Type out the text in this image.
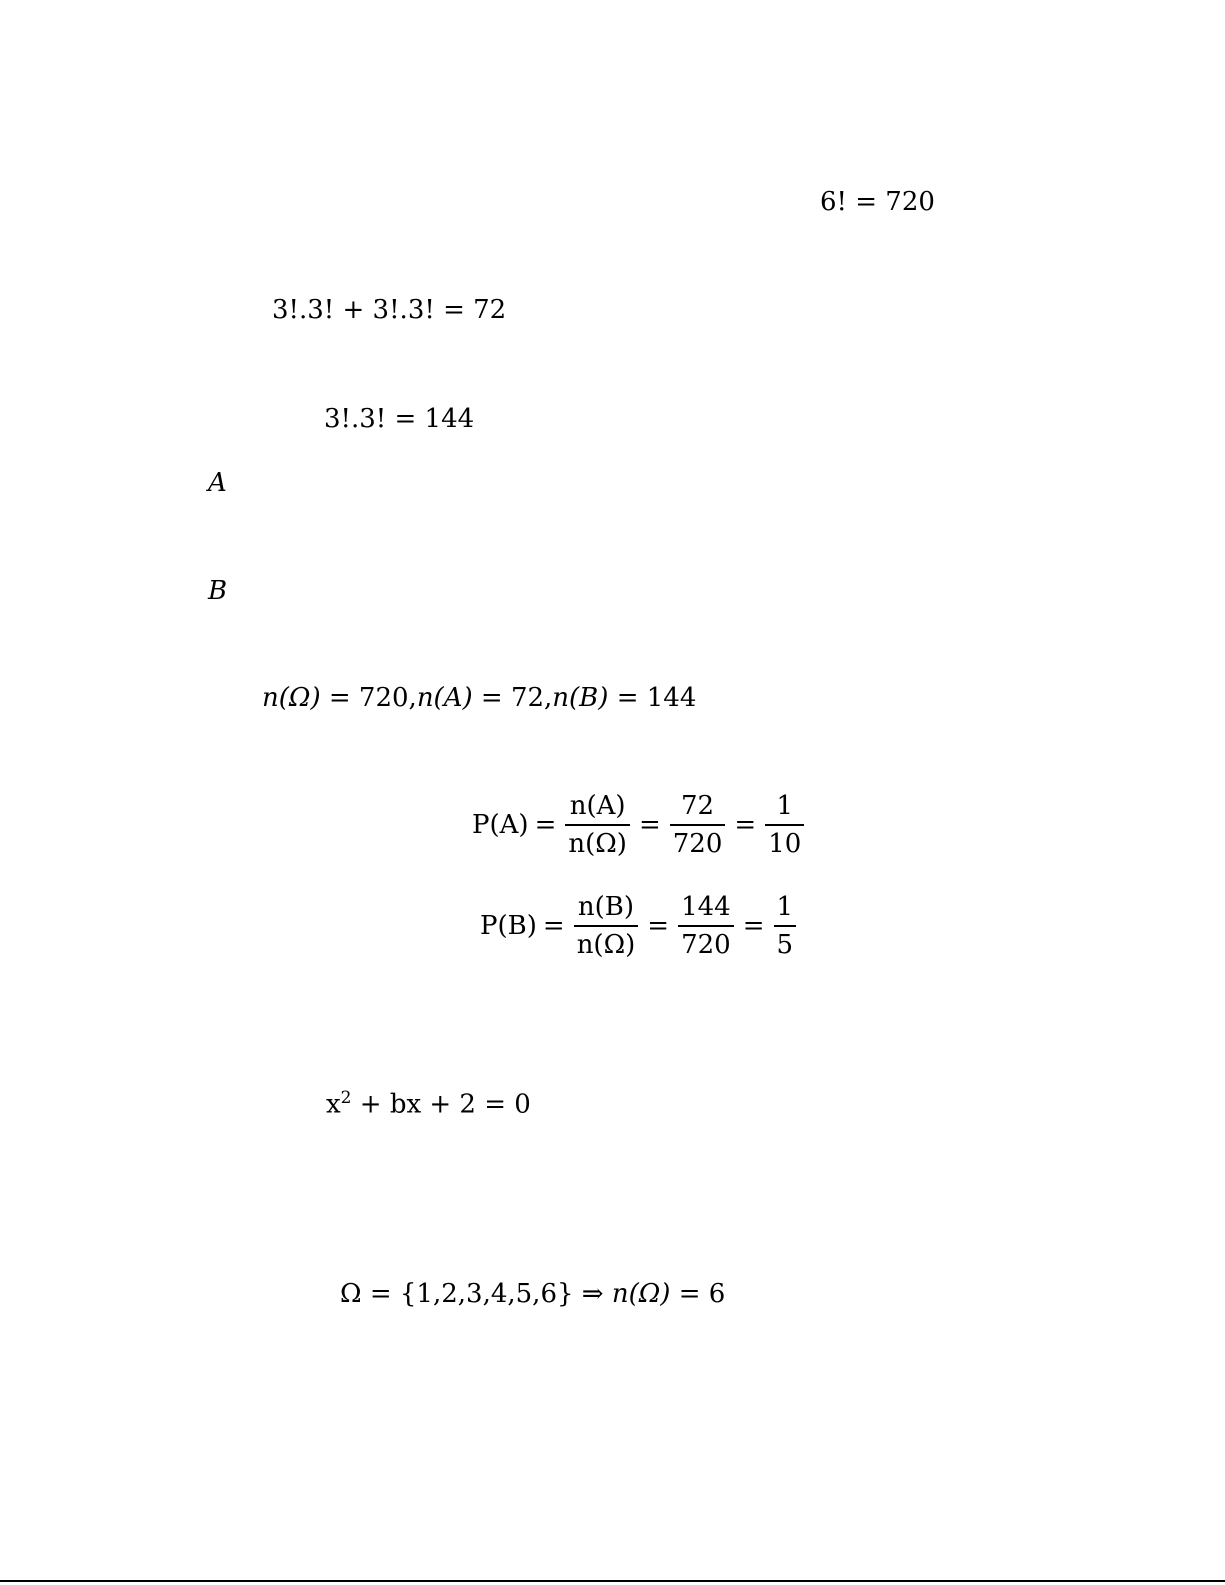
6! = 720
3!.3! + 3!.3! = 72
3!.3! = 144
A
B
n(Ω) = 720,n(A) = 72,n(B) = 144
$P(A) = \frac{n(A)}{n(\Omega)} = \frac{72}{720} = \frac{1}{10}$
$P(B) = \frac{n(B)}{n(\Omega)} = \frac{144}{720} = \frac{1}{5}$
$x^2$ + bx + 2 = 0
Ω = {1,2,3,4,5,6} ⇒ n(Ω) = 6
